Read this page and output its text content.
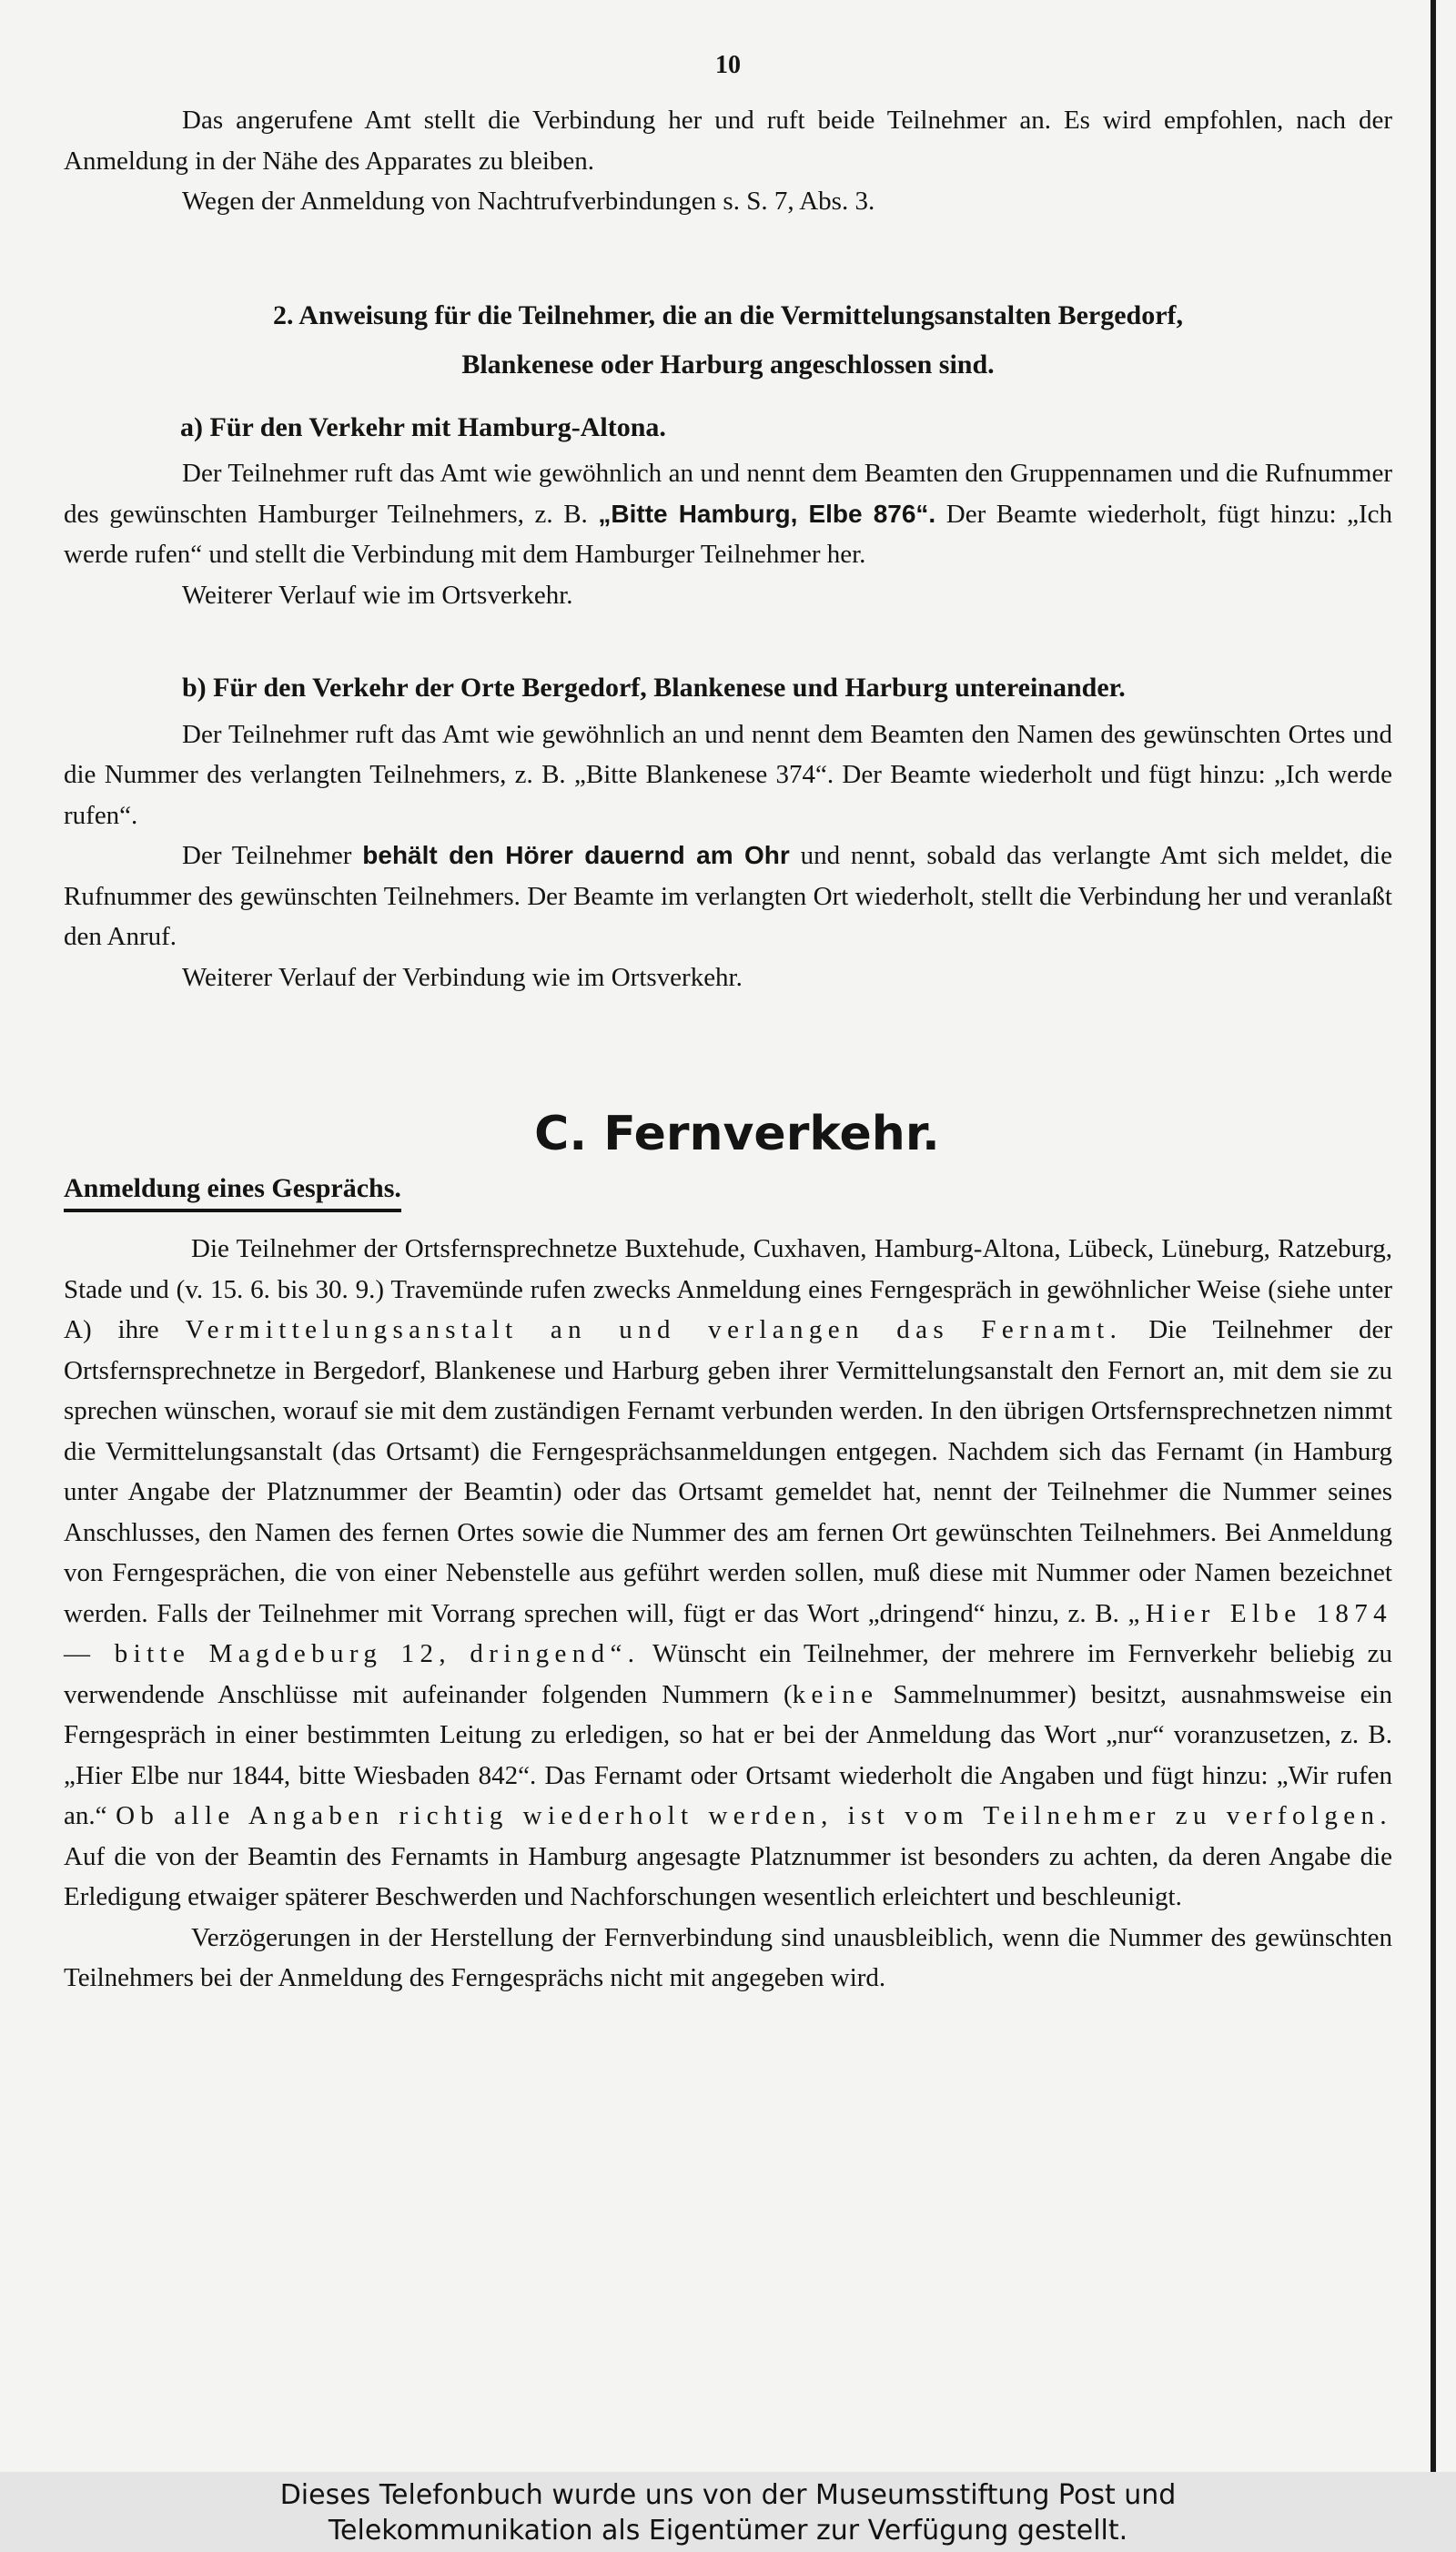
10

Das angerufene Amt stellt die Verbindung her und ruft beide Teilnehmer an. Es wird empfohlen, nach der Anmeldung in der Nähe des Apparates zu bleiben.

Wegen der Anmeldung von Nachtrufverbindungen s. S. 7, Abs. 3.

2. Anweisung für die Teilnehmer, die an die Vermittelungsanstalten Bergedorf,
Blankenese oder Harburg angeschlossen sind.
a) Für den Verkehr mit Hamburg-Altona.

Der Teilnehmer ruft das Amt wie gewöhnlich an und nennt dem Beamten den Gruppennamen und die Rufnummer des gewünschten Hamburger Teilnehmers, z. B. „Bitte Hamburg, Elbe 876“. Der Beamte wiederholt, fügt hinzu: „Ich werde rufen“ und stellt die Verbindung mit dem Hamburger Teilnehmer her.

Weiterer Verlauf wie im Ortsverkehr.

b) Für den Verkehr der Orte Bergedorf, Blankenese und Harburg untereinander.

Der Teilnehmer ruft das Amt wie gewöhnlich an und nennt dem Beamten den Namen des gewünschten Ortes und die Nummer des verlangten Teilnehmers, z. B. „Bitte Blankenese 374“. Der Beamte wiederholt und fügt hinzu: „Ich werde rufen“.

Der Teilnehmer behält den Hörer dauernd am Ohr und nennt, sobald das verlangte Amt sich meldet, die Rufnummer des gewünschten Teilnehmers. Der Beamte im verlangten Ort wiederholt, stellt die Verbindung her und veranlaßt den Anruf.

Weiterer Verlauf der Verbindung wie im Ortsverkehr.

C. Fernverkehr.
Anmeldung eines Gesprächs.

Die Teilnehmer der Ortsfernsprechnetze Buxtehude, Cuxhaven, Hamburg-Altona, Lübeck, Lüneburg, Ratzeburg, Stade und (v. 15. 6. bis 30. 9.) Travemünde rufen zwecks Anmeldung eines Ferngespräch in gewöhnlicher Weise (siehe unter A) ihre Vermittelungsanstalt an und verlangen das Fernamt. Die Teilnehmer der Ortsfernsprechnetze in Bergedorf, Blankenese und Harburg geben ihrer Vermittelungsanstalt den Fernort an, mit dem sie zu sprechen wünschen, worauf sie mit dem zuständigen Fernamt verbunden werden. In den übrigen Ortsfernsprechnetzen nimmt die Vermittelungsanstalt (das Ortsamt) die Ferngesprächsanmeldungen entgegen. Nachdem sich das Fernamt (in Hamburg unter Angabe der Platznummer der Beamtin) oder das Ortsamt gemeldet hat, nennt der Teilnehmer die Nummer seines Anschlusses, den Namen des fernen Ortes sowie die Nummer des am fernen Ort gewünschten Teilnehmers. Bei Anmeldung von Ferngesprächen, die von einer Nebenstelle aus geführt werden sollen, muß diese mit Nummer oder Namen bezeichnet werden. Falls der Teilnehmer mit Vorrang sprechen will, fügt er das Wort „dringend“ hinzu, z. B. „Hier Elbe 1874 — bitte Magdeburg 12, dringend“. Wünscht ein Teilnehmer, der mehrere im Fernverkehr beliebig zu verwendende Anschlüsse mit aufeinander folgenden Nummern (keine Sammelnummer) besitzt, ausnahmsweise ein Ferngespräch in einer bestimmten Leitung zu erledigen, so hat er bei der Anmeldung das Wort „nur“ voranzusetzen, z. B. „Hier Elbe nur 1844, bitte Wiesbaden 842“. Das Fernamt oder Ortsamt wiederholt die Angaben und fügt hinzu: „Wir rufen an.“ Ob alle Angaben richtig wiederholt werden, ist vom Teilnehmer zu verfolgen. Auf die von der Beamtin des Fernamts in Hamburg angesagte Platznummer ist besonders zu achten, da deren Angabe die Erledigung etwaiger späterer Beschwerden und Nachforschungen wesentlich erleichtert und beschleunigt.

Verzögerungen in der Herstellung der Fernverbindung sind unausbleiblich, wenn die Nummer des gewünschten Teilnehmers bei der Anmeldung des Ferngesprächs nicht mit angegeben wird.

Dieses Telefonbuch wurde uns von der Museumsstiftung Post und
Telekommunikation als Eigentümer zur Verfügung gestellt.
